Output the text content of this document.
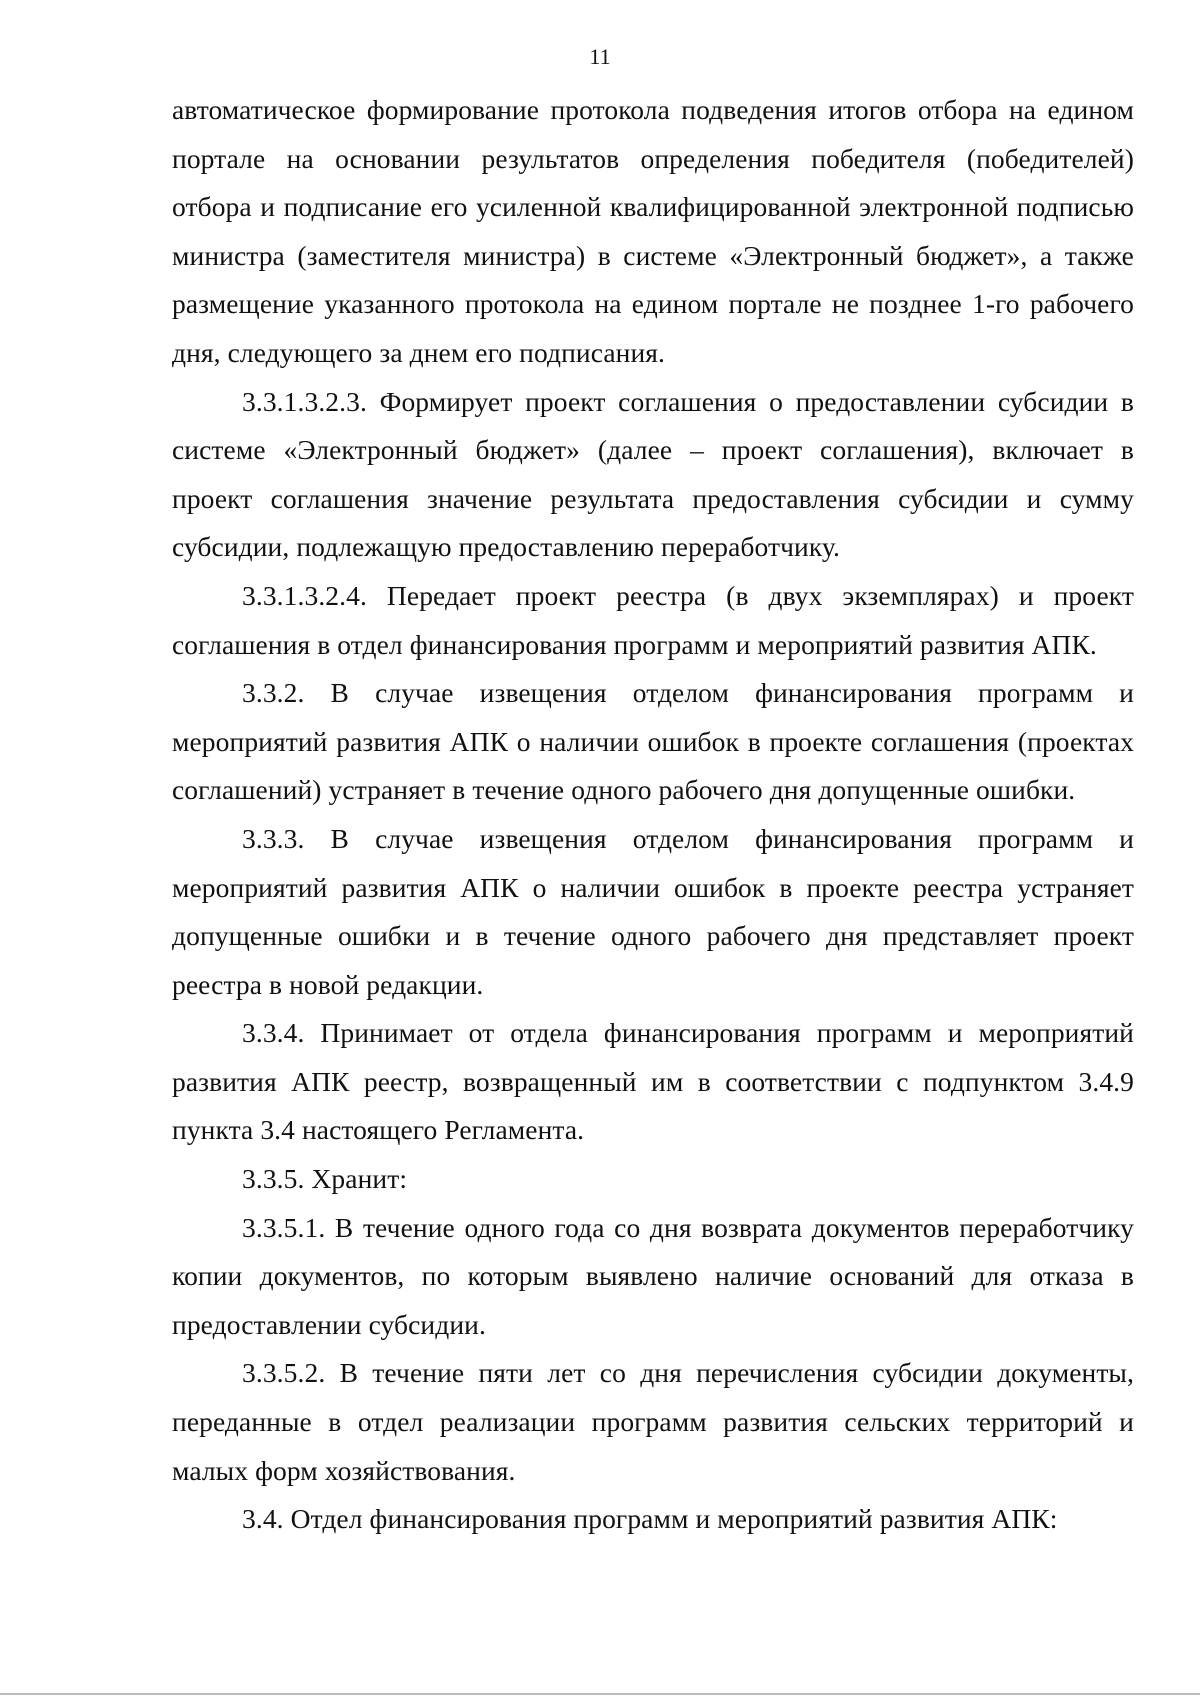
11

автоматическое формирование протокола подведения итогов отбора на едином портале на основании результатов определения победителя (победителей) отбора и подписание его усиленной квалифицированной электронной подписью министра (заместителя министра) в системе «Электронный бюджет», а также размещение указанного протокола на едином портале не позднее 1-го рабочего дня, следующего за днем его подписания.

3.3.1.3.2.3. Формирует проект соглашения о предоставлении субсидии в системе «Электронный бюджет» (далее – проект соглашения), включает в проект соглашения значение результата предоставления субсидии и сумму субсидии, подлежащую предоставлению переработчику.

3.3.1.3.2.4. Передает проект реестра (в двух экземплярах) и проект соглашения в отдел финансирования программ и мероприятий развития АПК.

3.3.2. В случае извещения отделом финансирования программ и мероприятий развития АПК о наличии ошибок в проекте соглашения (проектах соглашений) устраняет в течение одного рабочего дня допущенные ошибки.

3.3.3. В случае извещения отделом финансирования программ и мероприятий развития АПК о наличии ошибок в проекте реестра устраняет допущенные ошибки и в течение одного рабочего дня представляет проект реестра в новой редакции.

3.3.4. Принимает от отдела финансирования программ и мероприятий развития АПК реестр, возвращенный им в соответствии с подпунктом 3.4.9 пункта 3.4 настоящего Регламента.

3.3.5. Хранит:

3.3.5.1. В течение одного года со дня возврата документов переработчику копии документов, по которым выявлено наличие оснований для отказа в предоставлении субсидии.

3.3.5.2. В течение пяти лет со дня перечисления субсидии документы, переданные в отдел реализации программ развития сельских территорий и малых форм хозяйствования.

3.4. Отдел финансирования программ и мероприятий развития АПК:
